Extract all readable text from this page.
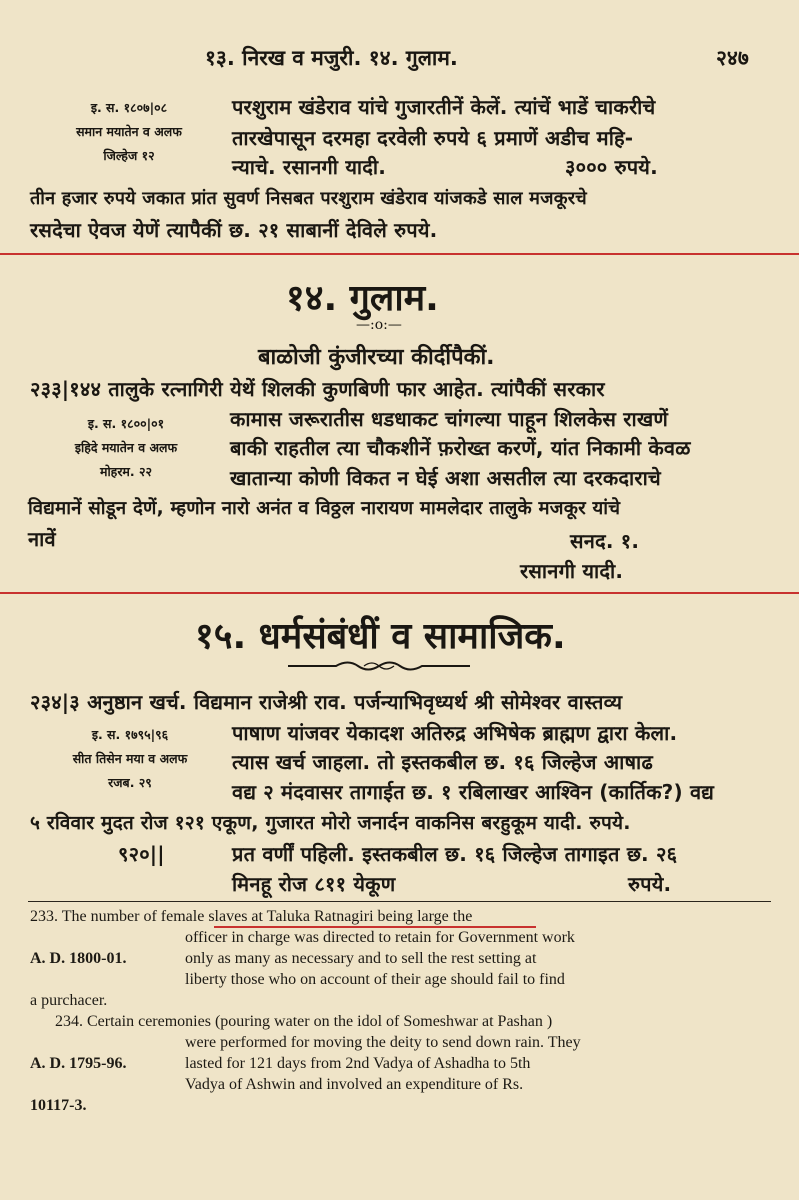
१३. निरख व मजुरी. १४. गुलाम.	२४७
इ. स. १८०७|०८
समान मयातेन व अलफ
जिल्हेज १२
परशुराम खंडेराव यांचे गुजारतीनें केलें. त्यांचें भाडें चाकरीचे
तारखेपासून दरमहा दरवेली रुपये ६ प्रमाणें अडीच महि-
न्याचे. रसानगी यादी.	३००० रुपये.
तीन हजार रुपये जकात प्रांत सुवर्ण निसबत परशुराम खंडेराव यांजकडे साल मजकूरचे
रसदेचा ऐवज येणें त्यापैकीं छ. २१ साबानीं देविले रुपये.
१४. गुलाम.
—:o:—
बाळोजी कुंजीरच्या कीर्दीपैकीं.
२३३|१४४ तालुके रत्नागिरी येथें शिलकी कुणबिणी फार आहेत. त्यांपैकीं सरकार
इ. स. १८००|०१
इहिदे मयातेन व अलफ
मोहरम. २२
कामास जरूरातीस धडधाकट चांगल्या पाहून शिलकेस राखणें
बाकी राहतील त्या चौकशीनें फ़रोख्त करणें, यांत निकामी केवळ
खातान्या कोणी विकत न घेई अशा असतील त्या दरकदाराचे
विद्यमानें सोडून देणें, म्हणोन नारो अनंत व विठ्ठल नारायण मामलेदार तालुके मजकूर यांचे
नावें	सनद. १.
रसानगी यादी.
१५. धर्मसंबंधीं व सामाजिक.
२३४|३ अनुष्ठान खर्च. विद्यमान राजेश्री राव. पर्जन्याभिवृध्यर्थ श्री सोमेश्वर वास्तव्य
इ. स. १७९५|९६
सीत तिसेन मया व अलफ
रजब. २९
पाषाण यांजवर येकादश अतिरुद्र अभिषेक ब्राह्मण द्वारा केला.
त्यास खर्च जाहला. तो इस्तकबील छ. १६ जिल्हेज आषाढ
वद्य २ मंदवासर तागाईत छ. १ रबिलाखर आश्विन (कार्तिक?) वद्य
५ रविवार मुदत रोज १२१ एकूण, गुजारत मोरो जनार्दन वाकनिस बरहुकूम यादी. रुपये.
९२०||	प्रत वर्णीं पहिली. इस्तकबील छ. १६ जिल्हेज तागाइत छ. २६
मिनहू रोज ८११ येकूण	रुपये.
233. The number of female slaves at Taluka Ratnagiri being large the
officer in charge was directed to retain for Government work
A. D. 1800-01.	only as many as necessary and to sell the rest setting at
liberty those who on account of their age should fail to find
a purchacer.
234. Certain ceremonies (pouring water on the idol of Someshwar at Pashan )
were performed for moving the deity to send down rain. They
A. D. 1795-96.	lasted for 121 days from 2nd Vadya of Ashadha to 5th
Vadya of Ashwin and involved an expenditure of Rs.
10117-3.
